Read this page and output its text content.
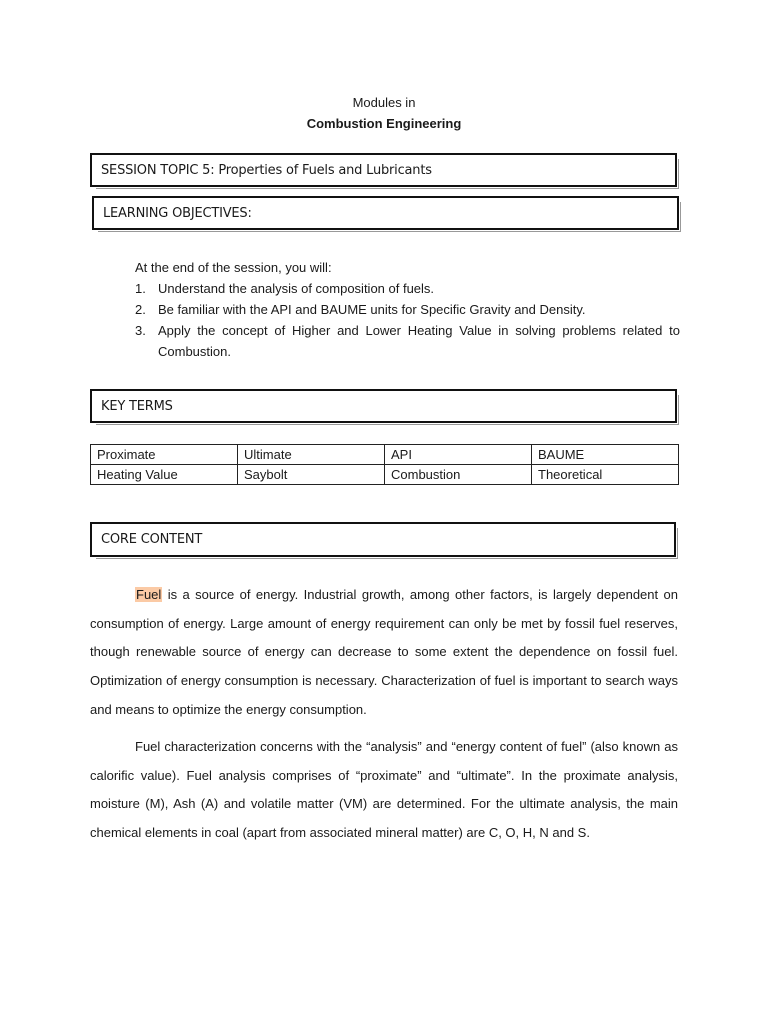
Modules in
Combustion Engineering
SESSION TOPIC 5: Properties of Fuels and Lubricants
LEARNING OBJECTIVES:
At the end of the session, you will:
1. Understand the analysis of composition of fuels.
2. Be familiar with the API and BAUME units for Specific Gravity and Density.
3. Apply the concept of Higher and Lower Heating Value in solving problems related to Combustion.
KEY TERMS
Proximate	Ultimate	API	BAUME
Heating Value	Saybolt	Combustion	Theoretical
CORE CONTENT
Fuel is a source of energy. Industrial growth, among other factors, is largely dependent on consumption of energy. Large amount of energy requirement can only be met by fossil fuel reserves, though renewable source of energy can decrease to some extent the dependence on fossil fuel. Optimization of energy consumption is necessary. Characterization of fuel is important to search ways and means to optimize the energy consumption.
Fuel characterization concerns with the “analysis” and “energy content of fuel” (also known as calorific value). Fuel analysis comprises of “proximate” and “ultimate”. In the proximate analysis, moisture (M), Ash (A) and volatile matter (VM) are determined. For the ultimate analysis, the main chemical elements in coal (apart from associated mineral matter) are C, O, H, N and S.
